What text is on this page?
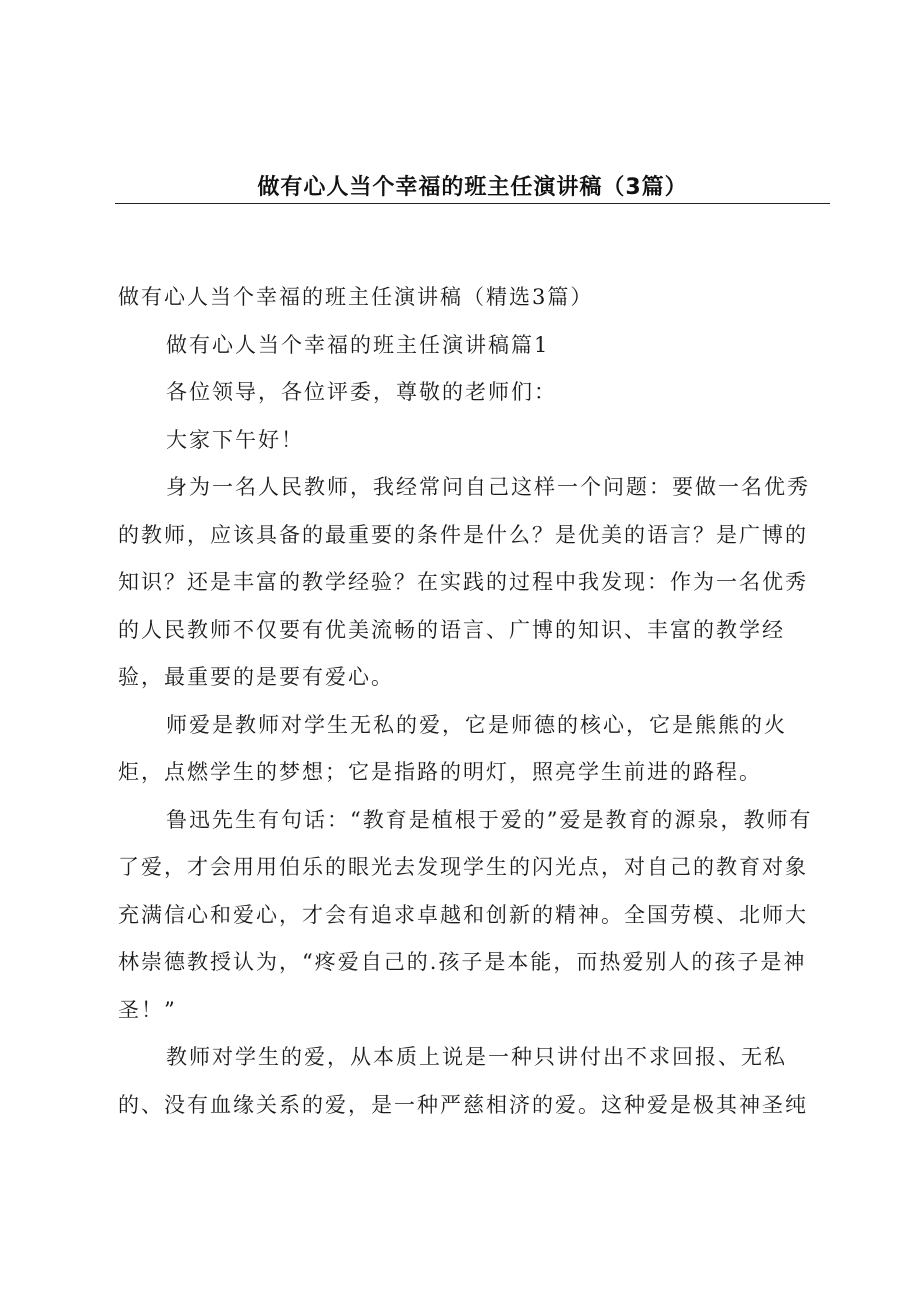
做有心人当个幸福的班主任演讲稿（3篇）

做有心人当个幸福的班主任演讲稿（精选3篇）

做有心人当个幸福的班主任演讲稿篇1

各位领导，各位评委，尊敬的老师们：

大家下午好！

身为一名人民教师，我经常问自己这样一个问题：要做一名优秀的教师，应该具备的最重要的条件是什么？是优美的语言？是广博的知识？还是丰富的教学经验？在实践的过程中我发现：作为一名优秀的人民教师不仅要有优美流畅的语言、广博的知识、丰富的教学经验，最重要的是要有爱心。

师爱是教师对学生无私的爱，它是师德的核心，它是熊熊的火炬，点燃学生的梦想；它是指路的明灯，照亮学生前进的路程。

鲁迅先生有句话：“教育是植根于爱的”爱是教育的源泉，教师有了爱，才会用用伯乐的眼光去发现学生的闪光点，对自己的教育对象充满信心和爱心，才会有追求卓越和创新的精神。全国劳模、北师大林崇德教授认为，“疼爱自己的.孩子是本能，而热爱别人的孩子是神圣！”

教师对学生的爱，从本质上说是一种只讲付出不求回报、无私的、没有血缘关系的爱，是一种严慈相济的爱。这种爱是极其神圣纯
